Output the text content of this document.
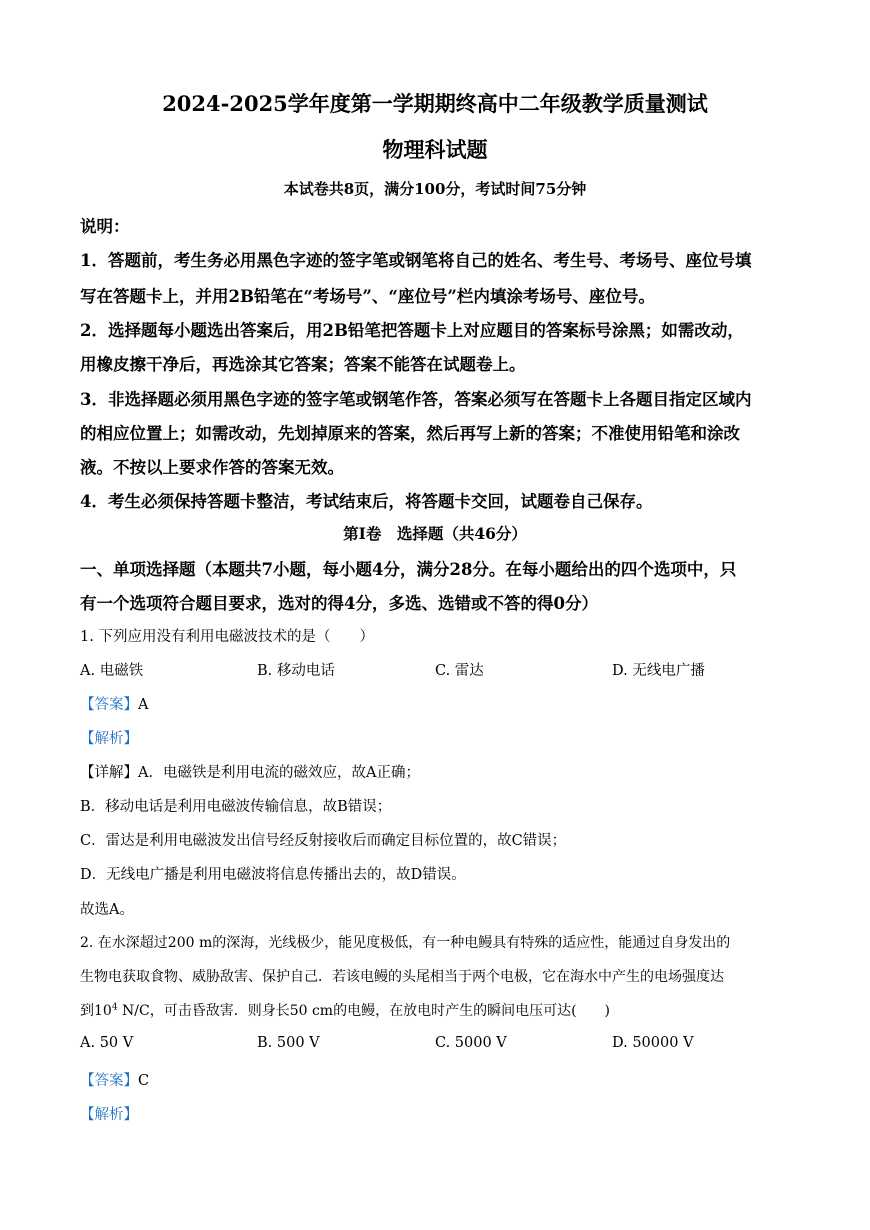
2024-2025学年度第一学期期终高中二年级教学质量测试
物理科试题
本试卷共8页，满分100分，考试时间75分钟
说明：
1．答题前，考生务必用黑色字迹的签字笔或钢笔将自己的姓名、考生号、考场号、座位号填
写在答题卡上，并用2B铅笔在“考场号”、“座位号”栏内填涂考场号、座位号。
2．选择题每小题选出答案后，用2B铅笔把答题卡上对应题目的答案标号涂黑；如需改动，
用橡皮擦干净后，再选涂其它答案；答案不能答在试题卷上。
3．非选择题必须用黑色字迹的签字笔或钢笔作答，答案必须写在答题卡上各题目指定区域内
的相应位置上；如需改动，先划掉原来的答案，然后再写上新的答案；不准使用铅笔和涂改
液。不按以上要求作答的答案无效。
4．考生必须保持答题卡整洁，考试结束后，将答题卡交回，试题卷自己保存。
第Ⅰ卷　选择题（共46分）
一、单项选择题（本题共7小题，每小题4分，满分28分。在每小题给出的四个选项中，只
有一个选项符合题目要求，选对的得4分，多选、选错或不答的得0分）
1. 下列应用没有利用电磁波技术的是（　　）
A. 电磁铁	B. 移动电话	C. 雷达	D. 无线电广播
【答案】A
【解析】
【详解】A．电磁铁是利用电流的磁效应，故A正确；
B．移动电话是利用电磁波传输信息，故B错误；
C．雷达是利用电磁波发出信号经反射接收后而确定目标位置的，故C错误；
D．无线电广播是利用电磁波将信息传播出去的，故D错误。
故选A。
2. 在水深超过200 m的深海，光线极少，能见度极低，有一种电鳗具有特殊的适应性，能通过自身发出的
生物电获取食物、威胁敌害、保护自己．若该电鳗的头尾相当于两个电极，它在海水中产生的电场强度达
到$10^4$ N/C，可击昏敌害．则身长50 cm的电鳗，在放电时产生的瞬间电压可达(　　)
A. 50 V	B. 500 V	C. 5000 V	D. 50000 V
【答案】C
【解析】
